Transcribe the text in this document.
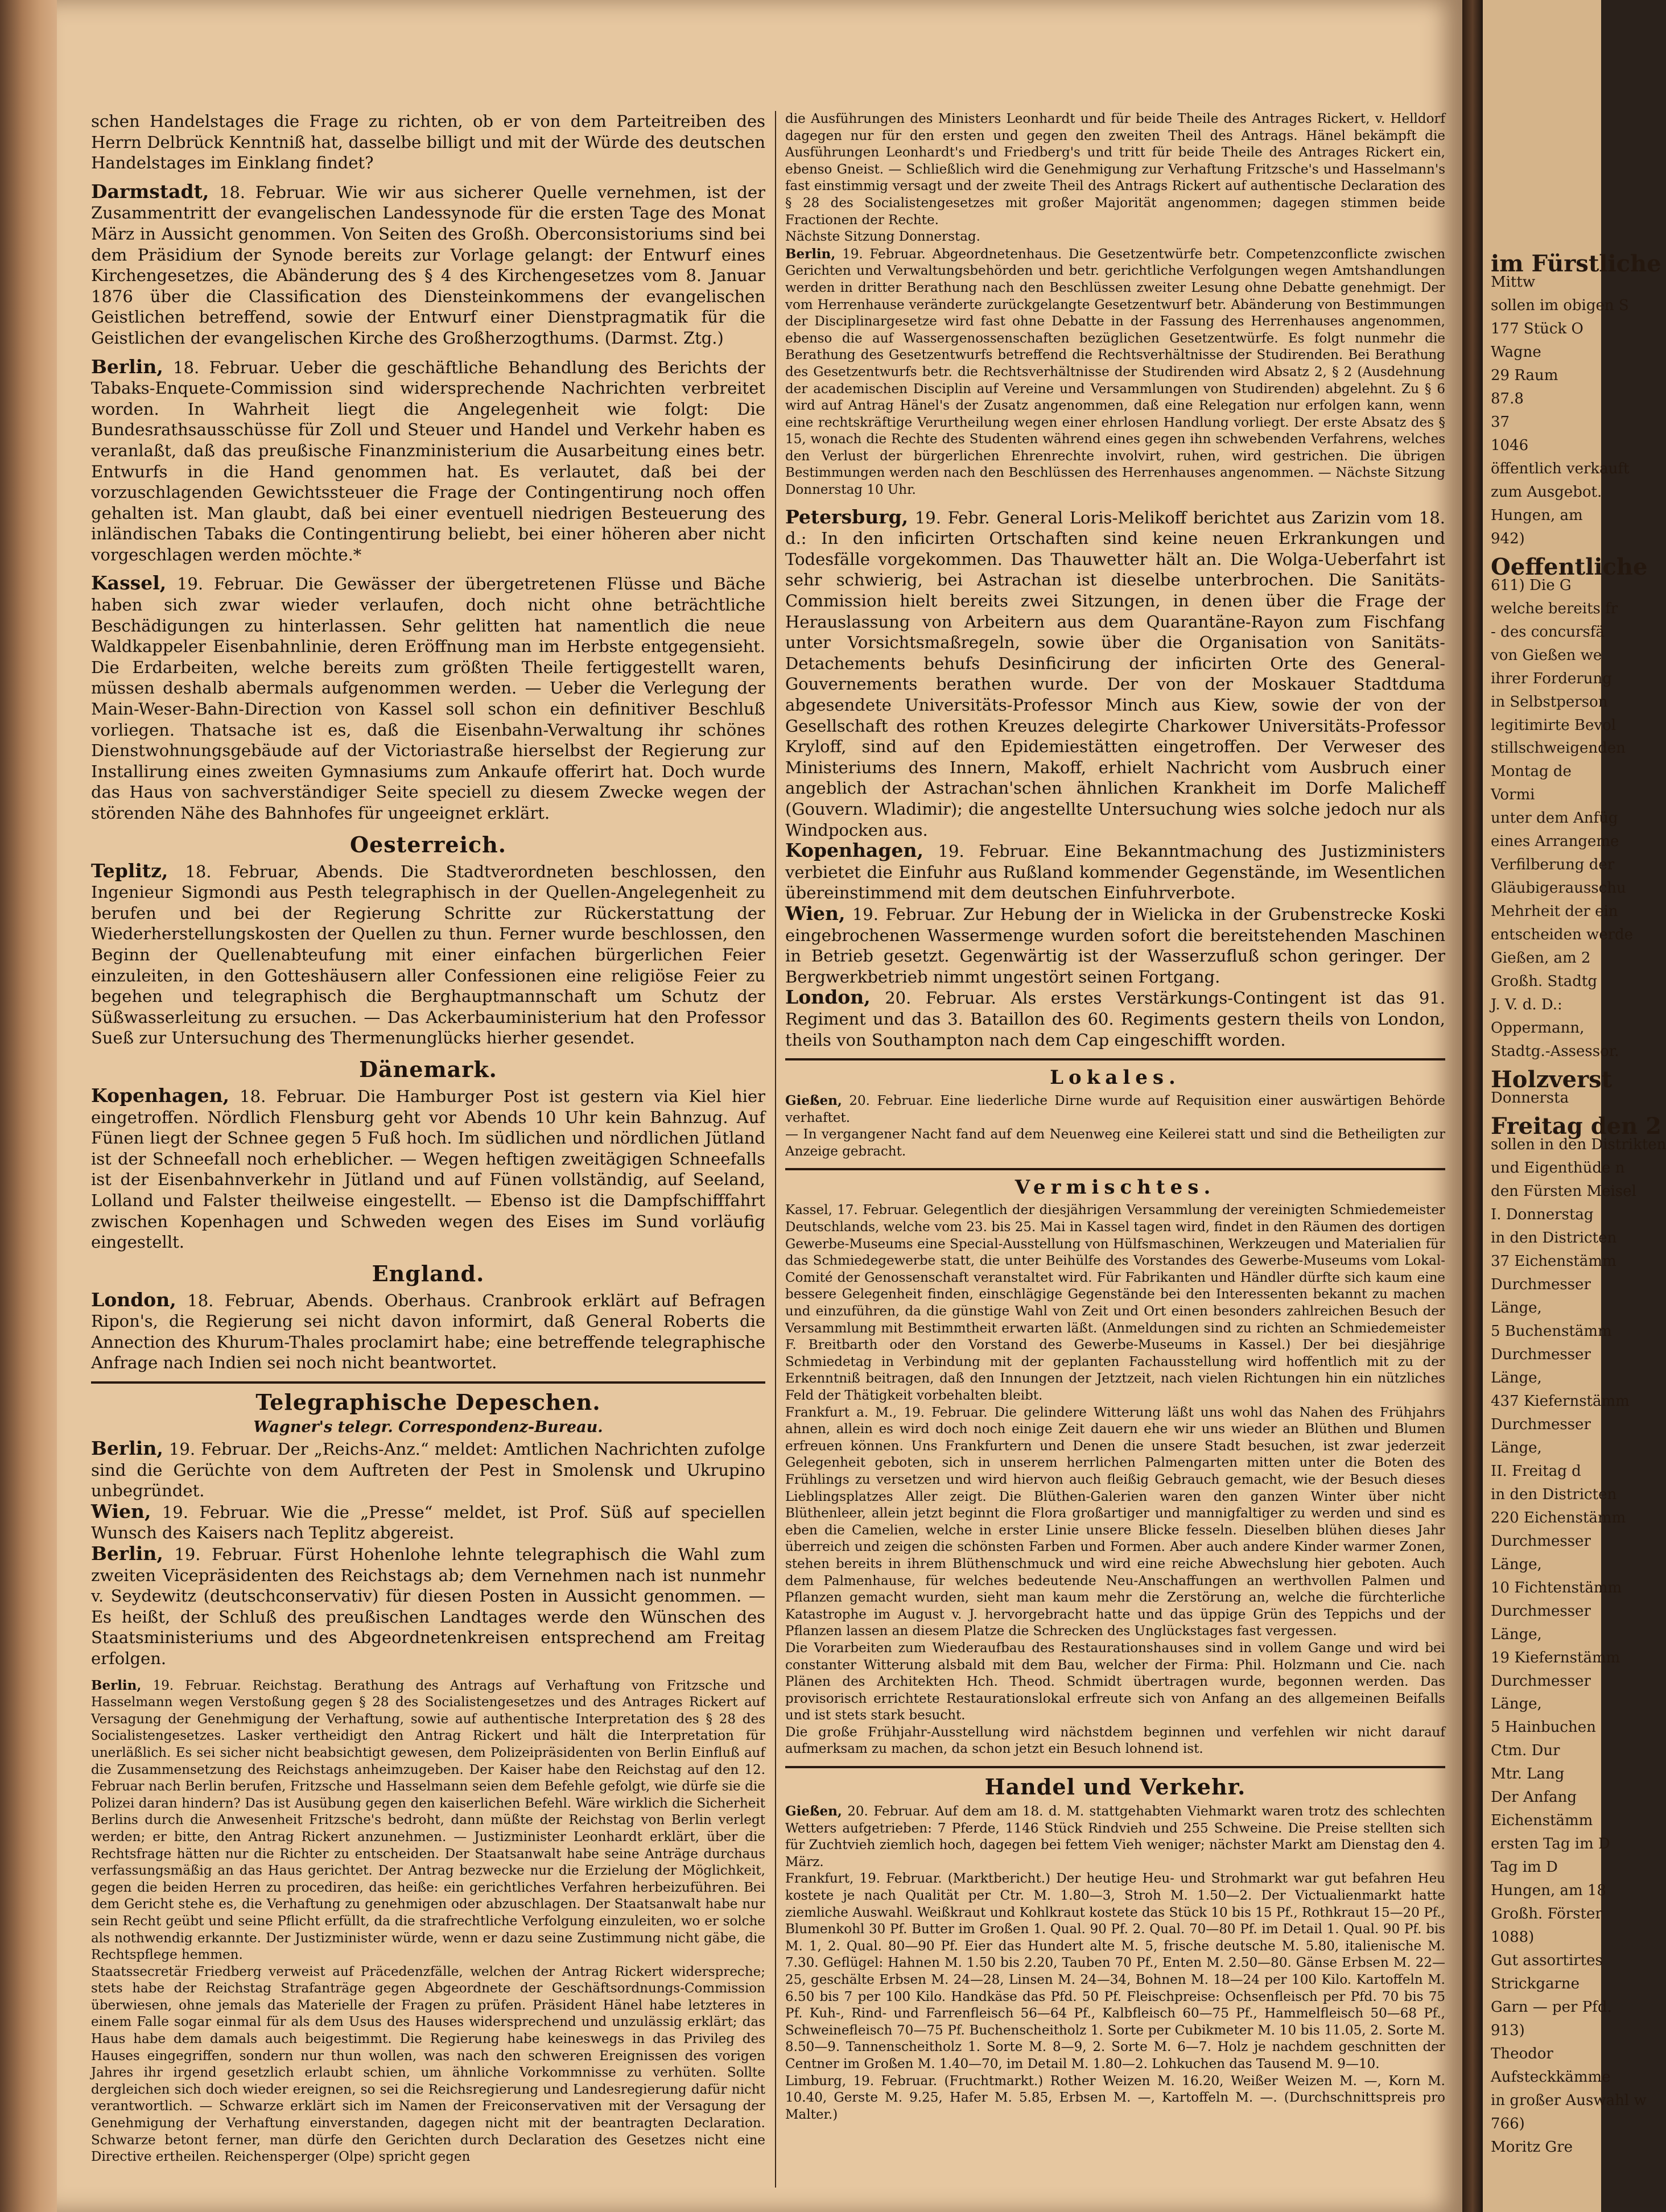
schen Handelstages die Frage zu richten, ob er von dem Parteitreiben des Herrn Delbrück Kenntniß hat, dasselbe billigt und mit der Würde des deutschen Handelstages im Einklang findet?

Darmstadt, 18. Februar. Wie wir aus sicherer Quelle vernehmen, ist der Zusammentritt der evangelischen Landessynode für die ersten Tage des Monat März in Aussicht genommen. Von Seiten des Großh. Oberconsistoriums sind bei dem Präsidium der Synode bereits zur Vorlage gelangt: der Entwurf eines Kirchengesetzes, die Abänderung des § 4 des Kirchengesetzes vom 8. Januar 1876 über die Classification des Diensteinkommens der evangelischen Geistlichen betreffend, sowie der Entwurf einer Dienstpragmatik für die Geistlichen der evangelischen Kirche des Großherzogthums. (Darmst. Ztg.)

Berlin, 18. Februar. Ueber die geschäftliche Behandlung des Berichts der Tabaks-Enquete-Commission sind widersprechende Nachrichten verbreitet worden. In Wahrheit liegt die Angelegenheit wie folgt: Die Bundesrathsausschüsse für Zoll und Steuer und Handel und Verkehr haben es veranlaßt, daß das preußische Finanzministerium die Ausarbeitung eines betr. Entwurfs in die Hand genommen hat. Es verlautet, daß bei der vorzuschlagenden Gewichtssteuer die Frage der Contingentirung noch offen gehalten ist. Man glaubt, daß bei einer eventuell niedrigen Besteuerung des inländischen Tabaks die Contingentirung beliebt, bei einer höheren aber nicht vorgeschlagen werden möchte.*

Kassel, 19. Februar. Die Gewässer der übergetretenen Flüsse und Bäche haben sich zwar wieder verlaufen, doch nicht ohne beträchtliche Beschädigungen zu hinterlassen. Sehr gelitten hat namentlich die neue Waldkappeler Eisenbahnlinie, deren Eröffnung man im Herbste entgegensieht. Die Erdarbeiten, welche bereits zum größten Theile fertiggestellt waren, müssen deshalb abermals aufgenommen werden. — Ueber die Verlegung der Main-Weser-Bahn-Direction von Kassel soll schon ein definitiver Beschluß vorliegen. Thatsache ist es, daß die Eisenbahn-Verwaltung ihr schönes Dienstwohnungsgebäude auf der Victoriastraße hierselbst der Regierung zur Installirung eines zweiten Gymnasiums zum Ankaufe offerirt hat. Doch wurde das Haus von sachverständiger Seite speciell zu diesem Zwecke wegen der störenden Nähe des Bahnhofes für ungeeignet erklärt.

Oesterreich.

Teplitz, 18. Februar, Abends. Die Stadtverordneten beschlossen, den Ingenieur Sigmondi aus Pesth telegraphisch in der Quellen-Angelegenheit zu berufen und bei der Regierung Schritte zur Rückerstattung der Wiederherstellungskosten der Quellen zu thun. Ferner wurde beschlossen, den Beginn der Quellenabteufung mit einer einfachen bürgerlichen Feier einzuleiten, in den Gotteshäusern aller Confessionen eine religiöse Feier zu begehen und telegraphisch die Berghauptmannschaft um Schutz der Süßwasserleitung zu ersuchen. — Das Ackerbauministerium hat den Professor Sueß zur Untersuchung des Thermenunglücks hierher gesendet.

Dänemark.

Kopenhagen, 18. Februar. Die Hamburger Post ist gestern via Kiel hier eingetroffen. Nördlich Flensburg geht vor Abends 10 Uhr kein Bahnzug. Auf Fünen liegt der Schnee gegen 5 Fuß hoch. Im südlichen und nördlichen Jütland ist der Schneefall noch erheblicher. — Wegen heftigen zweitägigen Schneefalls ist der Eisenbahnverkehr in Jütland und auf Fünen vollständig, auf Seeland, Lolland und Falster theilweise eingestellt. — Ebenso ist die Dampfschifffahrt zwischen Kopenhagen und Schweden wegen des Eises im Sund vorläufig eingestellt.

England.

London, 18. Februar, Abends. Oberhaus. Cranbrook erklärt auf Befragen Ripon's, die Regierung sei nicht davon informirt, daß General Roberts die Annection des Khurum-Thales proclamirt habe; eine betreffende telegraphische Anfrage nach Indien sei noch nicht beantwortet.

Telegraphische Depeschen.
Wagner's telegr. Correspondenz-Bureau.

Berlin, 19. Februar. Der „Reichs-Anz.“ meldet: Amtlichen Nachrichten zufolge sind die Gerüchte von dem Auftreten der Pest in Smolensk und Ukrupino unbegründet.

Wien, 19. Februar. Wie die „Presse“ meldet, ist Prof. Süß auf speciellen Wunsch des Kaisers nach Teplitz abgereist.

Berlin, 19. Februar. Fürst Hohenlohe lehnte telegraphisch die Wahl zum zweiten Vicepräsidenten des Reichstags ab; dem Vernehmen nach ist nunmehr v. Seydewitz (deutschconservativ) für diesen Posten in Aussicht genommen. — Es heißt, der Schluß des preußischen Landtages werde den Wünschen des Staatsministeriums und des Abgeordnetenkreisen entsprechend am Freitag erfolgen.

Berlin, 19. Februar. Reichstag. Berathung des Antrags auf Verhaftung von Fritzsche und Hasselmann wegen Verstoßung gegen § 28 des Socialistengesetzes und des Antrages Rickert auf Versagung der Genehmigung der Verhaftung, sowie auf authentische Interpretation des § 28 des Socialistengesetzes. Lasker vertheidigt den Antrag Rickert und hält die Interpretation für unerläßlich. Es sei sicher nicht beabsichtigt gewesen, dem Polizeipräsidenten von Berlin Einfluß auf die Zusammensetzung des Reichstags anheimzugeben. Der Kaiser habe den Reichstag auf den 12. Februar nach Berlin berufen, Fritzsche und Hasselmann seien dem Befehle gefolgt, wie dürfe sie die Polizei daran hindern? Das ist Ausübung gegen den kaiserlichen Befehl. Wäre wirklich die Sicherheit Berlins durch die Anwesenheit Fritzsche's bedroht, dann müßte der Reichstag von Berlin verlegt werden; er bitte, den Antrag Rickert anzunehmen. — Justizminister Leonhardt erklärt, über die Rechtsfrage hätten nur die Richter zu entscheiden. Der Staatsanwalt habe seine Anträge durchaus verfassungsmäßig an das Haus gerichtet. Der Antrag bezwecke nur die Erzielung der Möglichkeit, gegen die beiden Herren zu procediren, das heiße: ein gerichtliches Verfahren herbeizuführen. Bei dem Gericht stehe es, die Verhaftung zu genehmigen oder abzuschlagen. Der Staatsanwalt habe nur sein Recht geübt und seine Pflicht erfüllt, da die strafrechtliche Verfolgung einzuleiten, wo er solche als nothwendig erkannte. Der Justizminister würde, wenn er dazu seine Zustimmung nicht gäbe, die Rechtspflege hemmen.

Staatssecretär Friedberg verweist auf Präcedenzfälle, welchen der Antrag Rickert widerspreche; stets habe der Reichstag Strafanträge gegen Abgeordnete der Geschäftsordnungs-Commission überwiesen, ohne jemals das Materielle der Fragen zu prüfen. Präsident Hänel habe letzteres in einem Falle sogar einmal für als dem Usus des Hauses widersprechend und unzulässig erklärt; das Haus habe dem damals auch beigestimmt. Die Regierung habe keineswegs in das Privileg des Hauses eingegriffen, sondern nur thun wollen, was nach den schweren Ereignissen des vorigen Jahres ihr irgend gesetzlich erlaubt schien, um ähnliche Vorkommnisse zu verhüten. Sollte dergleichen sich doch wieder ereignen, so sei die Reichsregierung und Landesregierung dafür nicht verantwortlich. — Schwarze erklärt sich im Namen der Freiconservativen mit der Versagung der Genehmigung der Verhaftung einverstanden, dagegen nicht mit der beantragten Declaration. Schwarze betont ferner, man dürfe den Gerichten durch Declaration des Gesetzes nicht eine Directive ertheilen. Reichensperger (Olpe) spricht gegen

die Ausführungen des Ministers Leonhardt und für beide Theile des Antrages Rickert, v. Helldorf dagegen nur für den ersten und gegen den zweiten Theil des Antrags. Hänel bekämpft die Ausführungen Leonhardt's und Friedberg's und tritt für beide Theile des Antrages Rickert ein, ebenso Gneist. — Schließlich wird die Genehmigung zur Verhaftung Fritzsche's und Hasselmann's fast einstimmig versagt und der zweite Theil des Antrags Rickert auf authentische Declaration des § 28 des Socialistengesetzes mit großer Majorität angenommen; dagegen stimmen beide Fractionen der Rechte.

Nächste Sitzung Donnerstag.

Berlin, 19. Februar. Abgeordnetenhaus. Die Gesetzentwürfe betr. Competenzconflicte zwischen Gerichten und Verwaltungsbehörden und betr. gerichtliche Verfolgungen wegen Amtshandlungen werden in dritter Berathung nach den Beschlüssen zweiter Lesung ohne Debatte genehmigt. Der vom Herrenhause veränderte zurückgelangte Gesetzentwurf betr. Abänderung von Bestimmungen der Disciplinargesetze wird fast ohne Debatte in der Fassung des Herrenhauses angenommen, ebenso die auf Wassergenossenschaften bezüglichen Gesetzentwürfe. Es folgt nunmehr die Berathung des Gesetzentwurfs betreffend die Rechtsverhältnisse der Studirenden. Bei Berathung des Gesetzentwurfs betr. die Rechtsverhältnisse der Studirenden wird Absatz 2, § 2 (Ausdehnung der academischen Disciplin auf Vereine und Versammlungen von Studirenden) abgelehnt. Zu § 6 wird auf Antrag Hänel's der Zusatz angenommen, daß eine Relegation nur erfolgen kann, wenn eine rechtskräftige Verurtheilung wegen einer ehrlosen Handlung vorliegt. Der erste Absatz des § 15, wonach die Rechte des Studenten während eines gegen ihn schwebenden Verfahrens, welches den Verlust der bürgerlichen Ehrenrechte involvirt, ruhen, wird gestrichen. Die übrigen Bestimmungen werden nach den Beschlüssen des Herrenhauses angenommen. — Nächste Sitzung Donnerstag 10 Uhr.

Petersburg, 19. Febr. General Loris-Melikoff berichtet aus Zarizin vom 18. d.: In den inficirten Ortschaften sind keine neuen Erkrankungen und Todesfälle vorgekommen. Das Thauwetter hält an. Die Wolga-Ueberfahrt ist sehr schwierig, bei Astrachan ist dieselbe unterbrochen. Die Sanitäts-Commission hielt bereits zwei Sitzungen, in denen über die Frage der Herauslassung von Arbeitern aus dem Quarantäne-Rayon zum Fischfang unter Vorsichtsmaßregeln, sowie über die Organisation von Sanitäts-Detachements behufs Desinficirung der inficirten Orte des General-Gouvernements berathen wurde. Der von der Moskauer Stadtduma abgesendete Universitäts-Professor Minch aus Kiew, sowie der von der Gesellschaft des rothen Kreuzes delegirte Charkower Universitäts-Professor Kryloff, sind auf den Epidemiestätten eingetroffen. Der Verweser des Ministeriums des Innern, Makoff, erhielt Nachricht vom Ausbruch einer angeblich der Astrachan'schen ähnlichen Krankheit im Dorfe Malicheff (Gouvern. Wladimir); die angestellte Untersuchung wies solche jedoch nur als Windpocken aus.

Kopenhagen, 19. Februar. Eine Bekanntmachung des Justizministers verbietet die Einfuhr aus Rußland kommender Gegenstände, im Wesentlichen übereinstimmend mit dem deutschen Einfuhrverbote.

Wien, 19. Februar. Zur Hebung der in Wielicka in der Grubenstrecke Koski eingebrochenen Wassermenge wurden sofort die bereitstehenden Maschinen in Betrieb gesetzt. Gegenwärtig ist der Wasserzufluß schon geringer. Der Bergwerkbetrieb nimmt ungestört seinen Fortgang.

London, 20. Februar. Als erstes Verstärkungs-Contingent ist das 91. Regiment und das 3. Bataillon des 60. Regiments gestern theils von London, theils von Southampton nach dem Cap eingeschifft worden.

Lokales.

Gießen, 20. Februar. Eine liederliche Dirne wurde auf Requisition einer auswärtigen Behörde verhaftet.

— In vergangener Nacht fand auf dem Neuenweg eine Keilerei statt und sind die Betheiligten zur Anzeige gebracht.

Vermischtes.

Kassel, 17. Februar. Gelegentlich der diesjährigen Versammlung der vereinigten Schmiedemeister Deutschlands, welche vom 23. bis 25. Mai in Kassel tagen wird, findet in den Räumen des dortigen Gewerbe-Museums eine Special-Ausstellung von Hülfsmaschinen, Werkzeugen und Materialien für das Schmiedegewerbe statt, die unter Beihülfe des Vorstandes des Gewerbe-Museums vom Lokal-Comité der Genossenschaft veranstaltet wird. Für Fabrikanten und Händler dürfte sich kaum eine bessere Gelegenheit finden, einschlägige Gegenstände bei den Interessenten bekannt zu machen und einzuführen, da die günstige Wahl von Zeit und Ort einen besonders zahlreichen Besuch der Versammlung mit Bestimmtheit erwarten läßt. (Anmeldungen sind zu richten an Schmiedemeister F. Breitbarth oder den Vorstand des Gewerbe-Museums in Kassel.) Der bei diesjährige Schmiedetag in Verbindung mit der geplanten Fachausstellung wird hoffentlich mit zu der Erkenntniß beitragen, daß den Innungen der Jetztzeit, nach vielen Richtungen hin ein nützliches Feld der Thätigkeit vorbehalten bleibt.

Frankfurt a. M., 19. Februar. Die gelindere Witterung läßt uns wohl das Nahen des Frühjahrs ahnen, allein es wird doch noch einige Zeit dauern ehe wir uns wieder an Blüthen und Blumen erfreuen können. Uns Frankfurtern und Denen die unsere Stadt besuchen, ist zwar jederzeit Gelegenheit geboten, sich in unserem herrlichen Palmengarten mitten unter die Boten des Frühlings zu versetzen und wird hiervon auch fleißig Gebrauch gemacht, wie der Besuch dieses Lieblingsplatzes Aller zeigt. Die Blüthen-Galerien waren den ganzen Winter über nicht Blüthenleer, allein jetzt beginnt die Flora großartiger und mannigfaltiger zu werden und sind es eben die Camelien, welche in erster Linie unsere Blicke fesseln. Dieselben blühen dieses Jahr überreich und zeigen die schönsten Farben und Formen. Aber auch andere Kinder warmer Zonen, stehen bereits in ihrem Blüthenschmuck und wird eine reiche Abwechslung hier geboten. Auch dem Palmenhause, für welches bedeutende Neu-Anschaffungen an werthvollen Palmen und Pflanzen gemacht wurden, sieht man kaum mehr die Zerstörung an, welche die fürchterliche Katastrophe im August v. J. hervorgebracht hatte und das üppige Grün des Teppichs und der Pflanzen lassen an diesem Platze die Schrecken des Unglückstages fast vergessen.

Die Vorarbeiten zum Wiederaufbau des Restaurationshauses sind in vollem Gange und wird bei constanter Witterung alsbald mit dem Bau, welcher der Firma: Phil. Holzmann und Cie. nach Plänen des Architekten Hch. Theod. Schmidt übertragen wurde, begonnen werden. Das provisorisch errichtete Restaurationslokal erfreute sich von Anfang an des allgemeinen Beifalls und ist stets stark besucht.

Die große Frühjahr-Ausstellung wird nächstdem beginnen und verfehlen wir nicht darauf aufmerksam zu machen, da schon jetzt ein Besuch lohnend ist.

Handel und Verkehr.

Gießen, 20. Februar. Auf dem am 18. d. M. stattgehabten Viehmarkt waren trotz des schlechten Wetters aufgetrieben: 7 Pferde, 1146 Stück Rindvieh und 255 Schweine. Die Preise stellten sich für Zuchtvieh ziemlich hoch, dagegen bei fettem Vieh weniger; nächster Markt am Dienstag den 4. März.

Frankfurt, 19. Februar. (Marktbericht.) Der heutige Heu- und Strohmarkt war gut befahren Heu kostete je nach Qualität per Ctr. M. 1.80—3, Stroh M. 1.50—2. Der Victualienmarkt hatte ziemliche Auswahl. Weißkraut und Kohlkraut kostete das Stück 10 bis 15 Pf., Rothkraut 15—20 Pf., Blumenkohl 30 Pf. Butter im Großen 1. Qual. 90 Pf. 2. Qual. 70—80 Pf. im Detail 1. Qual. 90 Pf. bis M. 1, 2. Qual. 80—90 Pf. Eier das Hundert alte M. 5, frische deutsche M. 5.80, italienische M. 7.30. Geflügel: Hahnen M. 1.50 bis 2.20, Tauben 70 Pf., Enten M. 2.50—80. Gänse Erbsen M. 22—25, geschälte Erbsen M. 24—28, Linsen M. 24—34, Bohnen M. 18—24 per 100 Kilo. Kartoffeln M. 6.50 bis 7 per 100 Kilo. Handkäse das Pfd. 50 Pf. Fleischpreise: Ochsenfleisch per Pfd. 70 bis 75 Pf. Kuh-, Rind- und Farrenfleisch 56—64 Pf., Kalbfleisch 60—75 Pf., Hammelfleisch 50—68 Pf., Schweinefleisch 70—75 Pf. Buchenscheitholz 1. Sorte per Cubikmeter M. 10 bis 11.05, 2. Sorte M. 8.50—9. Tannenscheitholz 1. Sorte M. 8—9, 2. Sorte M. 6—7. Holz je nachdem geschnitten der Centner im Großen M. 1.40—70, im Detail M. 1.80—2. Lohkuchen das Tausend M. 9—10.

Limburg, 19. Februar. (Fruchtmarkt.) Rother Weizen M. 16.20, Weißer Weizen M. —, Korn M. 10.40, Gerste M. 9.25, Hafer M. 5.85, Erbsen M. —, Kartoffeln M. —. (Durchschnittspreis pro Malter.)

im Fürstliche
Mittw
sollen im obigen S
177 Stück O
Wagne
29 Raum
87.8
37
1046
öffentlich verkauft
zum Ausgebot.
Hungen, am
942)
Oeffentliche
611) Die G
welche bereits fr
- des concursfä
von Gießen we
ihrer Forderung
in Selbstperson
legitimirte Bevol
stillschweigenden
Montag de
Vormi
unter dem Anfüg
eines Arrangeme
Verfilberung der
Gläubigerausschu
Mehrheit der ein
entscheiden werde
Gießen, am 2
Großh. Stadtg
J. V. d. D.:
Oppermann,
Stadtg.-Assessor.
Holzverst
Donnersta
Freitag den 2
sollen in den Distrikten
und Eigenthüde n
den Fürsten Meisel
I. Donnerstag
in den Districten
37 Eichenstämm
Durchmesser
Länge,
5 Buchenstämm
Durchmesser
Länge,
437 Kiefernstämm
Durchmesser
Länge,
II. Freitag d
in den Districten
220 Eichenstämm
Durchmesser
Länge,
10 Fichtenstämm
Durchmesser
Länge,
19 Kiefernstämm
Durchmesser
Länge,
5 Hainbuchen
Ctm. Dur
Mtr. Lang
Der Anfang
Eichenstämm
ersten Tag im D
Tag im D
Hungen, am 18
Großh. Förster
1088)
Gut assortirtes
Strickgarne
Garn — per Pfd.
913)
Theodor
Aufsteckkämme
in großer Auswahl w
766)
Moritz Gre
